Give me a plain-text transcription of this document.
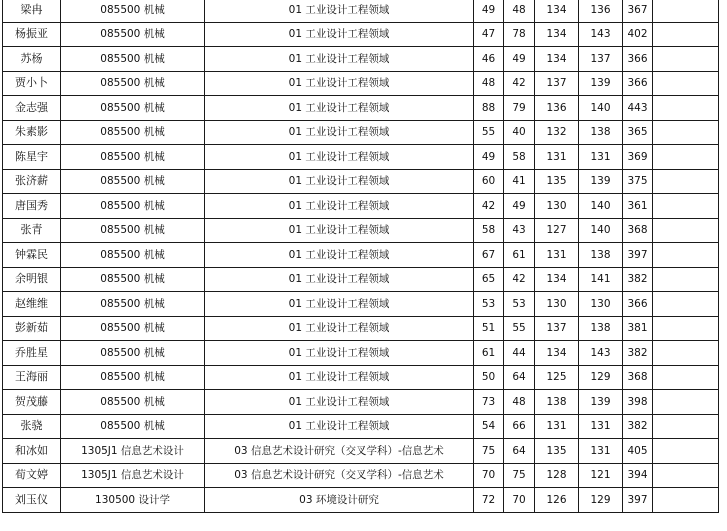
梁冉	085500 机械	01 工业设计工程领域	49	48	134	136	367	
杨振亚	085500 机械	01 工业设计工程领域	47	78	134	143	402	
苏杨	085500 机械	01 工业设计工程领域	46	49	134	137	366	
贾小卜	085500 机械	01 工业设计工程领域	48	42	137	139	366	
金志强	085500 机械	01 工业设计工程领域	88	79	136	140	443	
朱素影	085500 机械	01 工业设计工程领域	55	40	132	138	365	
陈星宇	085500 机械	01 工业设计工程领域	49	58	131	131	369	
张济薪	085500 机械	01 工业设计工程领域	60	41	135	139	375	
唐国秀	085500 机械	01 工业设计工程领域	42	49	130	140	361	
张青	085500 机械	01 工业设计工程领域	58	43	127	140	368	
钟霖民	085500 机械	01 工业设计工程领域	67	61	131	138	397	
余明银	085500 机械	01 工业设计工程领域	65	42	134	141	382	
赵维维	085500 机械	01 工业设计工程领域	53	53	130	130	366	
彭新茹	085500 机械	01 工业设计工程领域	51	55	137	138	381	
乔胜星	085500 机械	01 工业设计工程领域	61	44	134	143	382	
王海丽	085500 机械	01 工业设计工程领域	50	64	125	129	368	
贺茂藤	085500 机械	01 工业设计工程领域	73	48	138	139	398	
张骁	085500 机械	01 工业设计工程领域	54	66	131	131	382	
和冰如	1305J1 信息艺术设计	03 信息艺术设计研究（交叉学科）-信息艺术	75	64	135	131	405	
荀文婷	1305J1 信息艺术设计	03 信息艺术设计研究（交叉学科）-信息艺术	70	75	128	121	394	
刘玉仪	130500 设计学	03 环境设计研究	72	70	126	129	397	
